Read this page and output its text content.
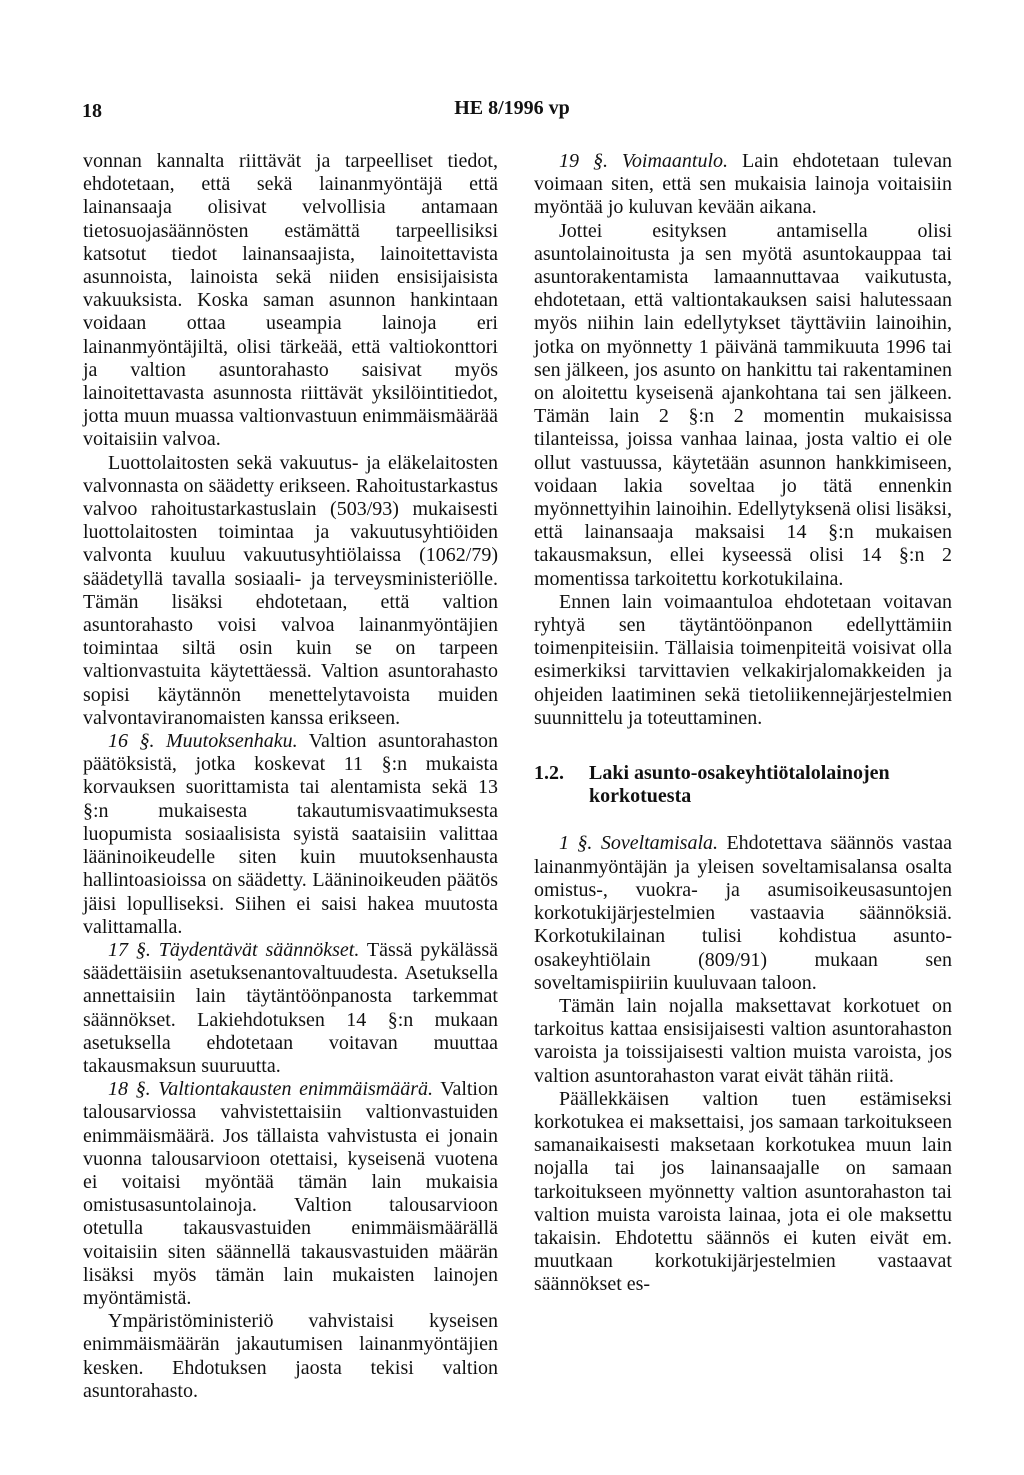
18	HE 8/1996 vp

vonnan kannalta riittävät ja tarpeelliset tiedot, ehdotetaan, että sekä lainanmyöntäjä että lainansaaja olisivat velvollisia antamaan tietosuojasäännösten estämättä tarpeellisiksi katsotut tiedot lainansaajista, lainoitettavista asunnoista, lainoista sekä niiden ensisijaisista vakuuksista. Koska saman asunnon hankintaan voidaan ottaa useampia lainoja eri lainanmyöntäjiltä, olisi tärkeää, että valtiokonttori ja valtion asuntorahasto saisivat myös lainoitettavasta asunnosta riittävät yksilöintitiedot, jotta muun muassa valtionvastuun enimmäismäärää voitaisiin valvoa.

Luottolaitosten sekä vakuutus- ja eläkelaitosten valvonnasta on säädetty erikseen. Rahoitustarkastus valvoo rahoitustarkastuslain (503/93) mukaisesti luottolaitosten toimintaa ja vakuutusyhtiöiden valvonta kuuluu vakuutusyhtiölaissa (1062/79) säädetyllä tavalla sosiaali- ja terveysministeriölle. Tämän lisäksi ehdotetaan, että valtion asuntorahasto voisi valvoa lainanmyöntäjien toimintaa siltä osin kuin se on tarpeen valtionvastuita käytettäessä. Valtion asuntorahasto sopisi käytännön menettelytavoista muiden valvontaviranomaisten kanssa erikseen.

16 §. Muutoksenhaku. Valtion asuntorahaston päätöksistä, jotka koskevat 11 §:n mukaista korvauksen suorittamista tai alentamista sekä 13 §:n mukaisesta takautumisvaatimuksesta luopumista sosiaalisista syistä saataisiin valittaa lääninoikeudelle siten kuin muutoksenhausta hallintoasioissa on säädetty. Lääninoikeuden päätös jäisi lopulliseksi. Siihen ei saisi hakea muutosta valittamalla.

17 §. Täydentävät säännökset. Tässä pykälässä säädettäisiin asetuksenantovaltuudesta. Asetuksella annettaisiin lain täytäntöönpanosta tarkemmat säännökset. Lakiehdotuksen 14 §:n mukaan asetuksella ehdotetaan voitavan muuttaa takausmaksun suuruutta.

18 §. Valtiontakausten enimmäismäärä. Valtion talousarviossa vahvistettaisiin valtionvastuiden enimmäismäärä. Jos tällaista vahvistusta ei jonain vuonna talousarvioon otettaisi, kyseisenä vuotena ei voitaisi myöntää tämän lain mukaisia omistusasuntolainoja. Valtion talousarvioon otetulla takausvastuiden enimmäismäärällä voitaisiin siten säännellä takausvastuiden määrän lisäksi myös tämän lain mukaisten lainojen myöntämistä.

Ympäristöministeriö vahvistaisi kyseisen enimmäismäärän jakautumisen lainanmyöntäjien kesken. Ehdotuksen jaosta tekisi valtion asuntorahasto.

19 §. Voimaantulo. Lain ehdotetaan tulevan voimaan siten, että sen mukaisia lainoja voitaisiin myöntää jo kuluvan kevään aikana.

Jottei esityksen antamisella olisi asuntolainoitusta ja sen myötä asuntokauppaa tai asuntorakentamista lamaannuttavaa vaikutusta, ehdotetaan, että valtiontakauksen saisi halutessaan myös niihin lain edellytykset täyttäviin lainoihin, jotka on myönnetty 1 päivänä tammikuuta 1996 tai sen jälkeen, jos asunto on hankittu tai rakentaminen on aloitettu kyseisenä ajankohtana tai sen jälkeen. Tämän lain 2 §:n 2 momentin mukaisissa tilanteissa, joissa vanhaa lainaa, josta valtio ei ole ollut vastuussa, käytetään asunnon hankkimiseen, voidaan lakia soveltaa jo tätä ennenkin myönnettyihin lainoihin. Edellytyksenä olisi lisäksi, että lainansaaja maksaisi 14 §:n mukaisen takausmaksun, ellei kyseessä olisi 14 §:n 2 momentissa tarkoitettu korkotukilaina.

Ennen lain voimaantuloa ehdotetaan voitavan ryhtyä sen täytäntöönpanon edellyttämiin toimenpiteisiin. Tällaisia toimenpiteitä voisivat olla esimerkiksi tarvittavien velkakirjalomakkeiden ja ohjeiden laatiminen sekä tietoliikennejärjestelmien suunnittelu ja toteuttaminen.

1.2.	Laki asunto-osakeyhtiötalolainojen korkotuesta

1 §. Soveltamisala. Ehdotettava säännös vastaa lainanmyöntäjän ja yleisen soveltamisalansa osalta omistus-, vuokra- ja asumisoikeusasuntojen korkotukijärjestelmien vastaavia säännöksiä. Korkotukilainan tulisi kohdistua asunto-osakeyhtiölain (809/91) mukaan sen soveltamispiiriin kuuluvaan taloon.

Tämän lain nojalla maksettavat korkotuet on tarkoitus kattaa ensisijaisesti valtion asuntorahaston varoista ja toissijaisesti valtion muista varoista, jos valtion asuntorahaston varat eivät tähän riitä.

Päällekkäisen valtion tuen estämiseksi korkotukea ei maksettaisi, jos samaan tarkoitukseen samanaikaisesti maksetaan korkotukea muun lain nojalla tai jos lainansaajalle on samaan tarkoitukseen myönnetty valtion asuntorahaston tai valtion muista varoista lainaa, jota ei ole maksettu takaisin. Ehdotettu säännös ei kuten eivät em. muutkaan korkotukijärjestelmien vastaavat säännökset es-
